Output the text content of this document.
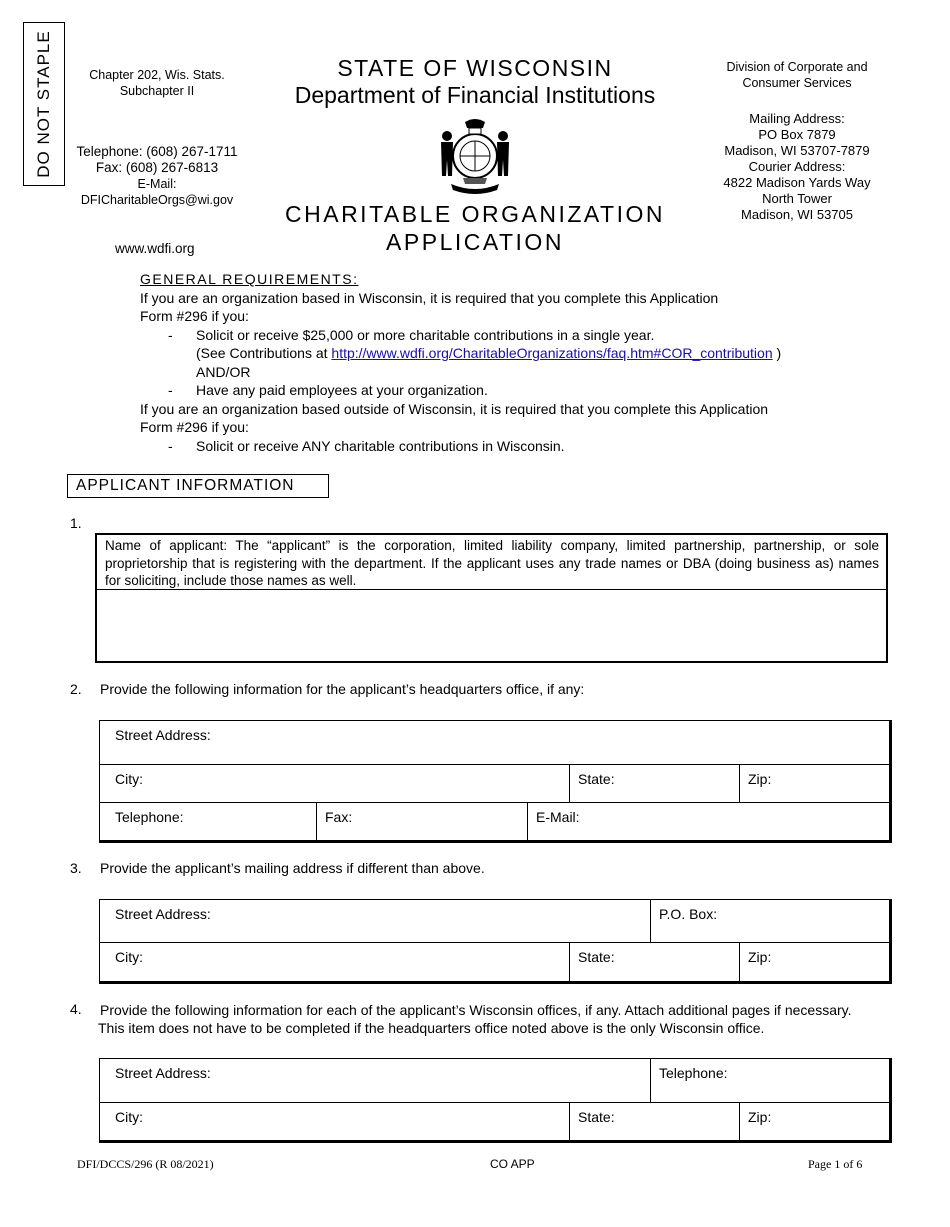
DO NOT STAPLE	Chapter 202, Wis. Stats.
Subchapter II
Telephone: (608) 267-1711
Fax: (608) 267-6813
E-Mail:
DFICharitableOrgs@wi.gov
www.wdfi.org
STATE OF WISCONSIN
Department of Financial Institutions
CHARITABLE ORGANIZATION
APPLICATION
Division of Corporate and
Consumer Services
Mailing Address:
PO Box 7879
Madison, WI 53707-7879
Courier Address:
4822 Madison Yards Way
North Tower
Madison, WI 53705
GENERAL REQUIREMENTS:
If you are an organization based in Wisconsin, it is required that you complete this Application
Form #296 if you:
- Solicit or receive $25,000 or more charitable contributions in a single year.
(See Contributions at http://www.wdfi.org/CharitableOrganizations/faq.htm#COR_contribution )
AND/OR
- Have any paid employees at your organization.
If you are an organization based outside of Wisconsin, it is required that you complete this Application
Form #296 if you:
- Solicit or receive ANY charitable contributions in Wisconsin.
APPLICANT INFORMATION
1.
Name of applicant: The “applicant” is the corporation, limited liability company, limited partnership, partnership, or sole proprietorship that is registering with the department. If the applicant uses any trade names or DBA (doing business as) names for soliciting, include those names as well.
2. Provide the following information for the applicant’s headquarters office, if any:
Street Address:				
City:			State:	Zip:
Telephone:	Fax:	E-Mail:		
3. Provide the applicant’s mailing address if different than above.
Street Address:		P.O. Box:	
City:	State:		Zip:
4. Provide the following information for each of the applicant’s Wisconsin offices, if any. Attach additional pages if necessary.
This item does not have to be completed if the headquarters office noted above is the only Wisconsin office.
Street Address:		Telephone:	
City:	State:		Zip:
DFI/DCCS/296 (R 08/2021)	CO APP	Page 1 of 6
